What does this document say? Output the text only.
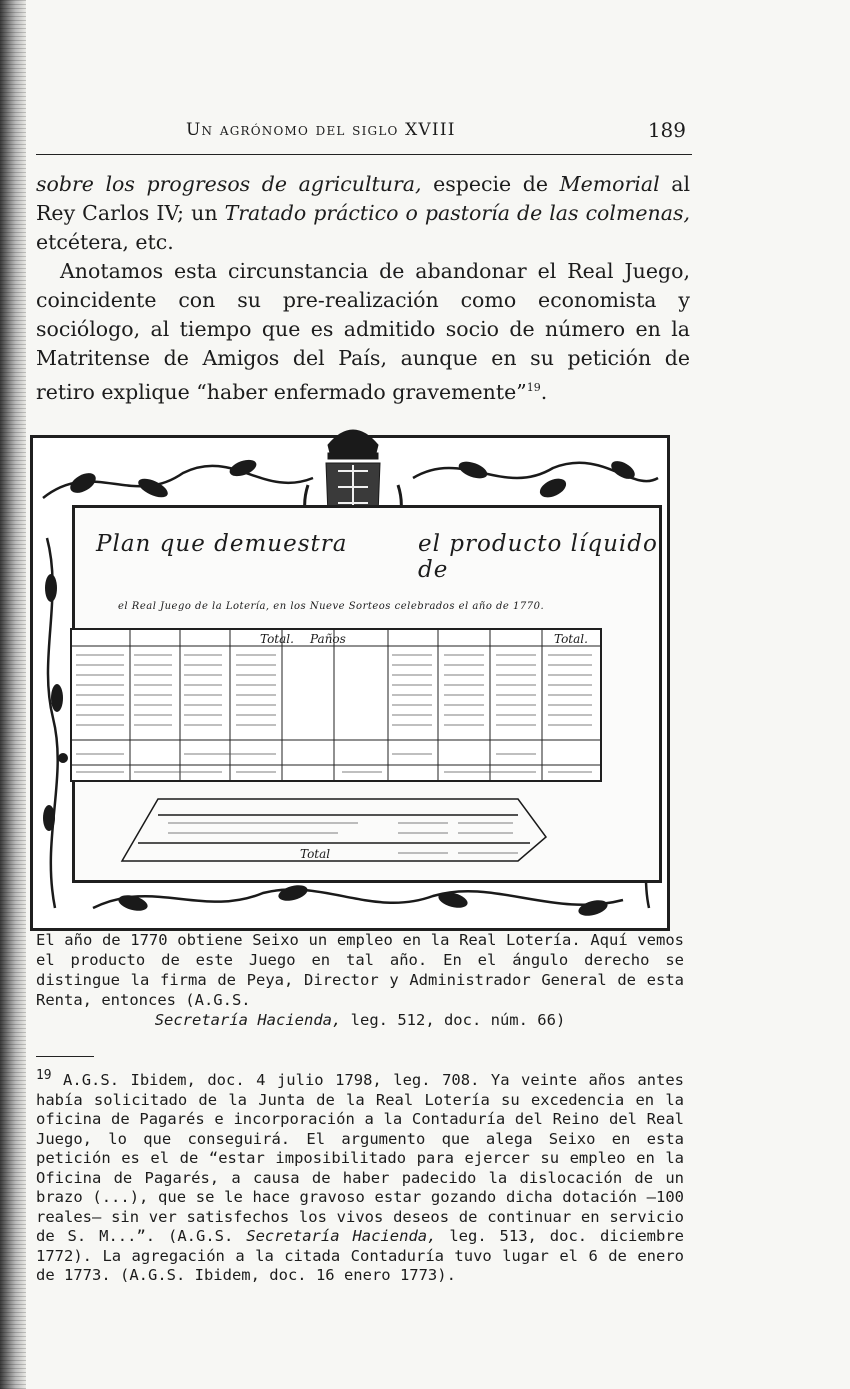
Un agrónomo del siglo XVIII	189

sobre los progresos de agricultura, especie de Memorial al Rey Carlos IV; un Tratado práctico o pastoría de las colmenas, etcétera, etc.

Anotamos esta circunstancia de abandonar el Real Juego, coincidente con su pre-realización como economista y sociólogo, al tiempo que es admitido socio de número en la Matritense de Amigos del País, aunque en su petición de retiro explique “haber enfermado gravemente”$^{19}$.

Plan que demuestra	el producto líquido de
el Real Juego de la Lotería, en los Nueve Sorteos celebrados el año de 1770.
Total. Paños	Total.
Total

El año de 1770 obtiene Seixo un empleo en la Real Lotería. Aquí vemos el producto de este Juego en tal año. En el ángulo derecho se distingue la firma de Peya, Director y Administrador General de esta Renta, entonces (A.G.S.

Secretaría Hacienda, leg. 512, doc. núm. 66)

$^{19}$ A.G.S. Ibidem, doc. 4 julio 1798, leg. 708. Ya veinte años antes había solicitado de la Junta de la Real Lotería su excedencia en la oficina de Pagarés e incorporación a la Contaduría del Reino del Real Juego, lo que conseguirá. El argumento que alega Seixo en esta petición es el de “estar imposibilitado para ejercer su empleo en la Oficina de Pagarés, a causa de haber padecido la dislocación de un brazo (...), que se le hace gravoso estar gozando dicha dotación —100 reales— sin ver satisfechos los vivos deseos de continuar en servicio de S. M...”. (A.G.S. Secretaría Hacienda, leg. 513, doc. diciembre 1772). La agregación a la citada Contaduría tuvo lugar el 6 de enero de 1773. (A.G.S. Ibidem, doc. 16 enero 1773).
